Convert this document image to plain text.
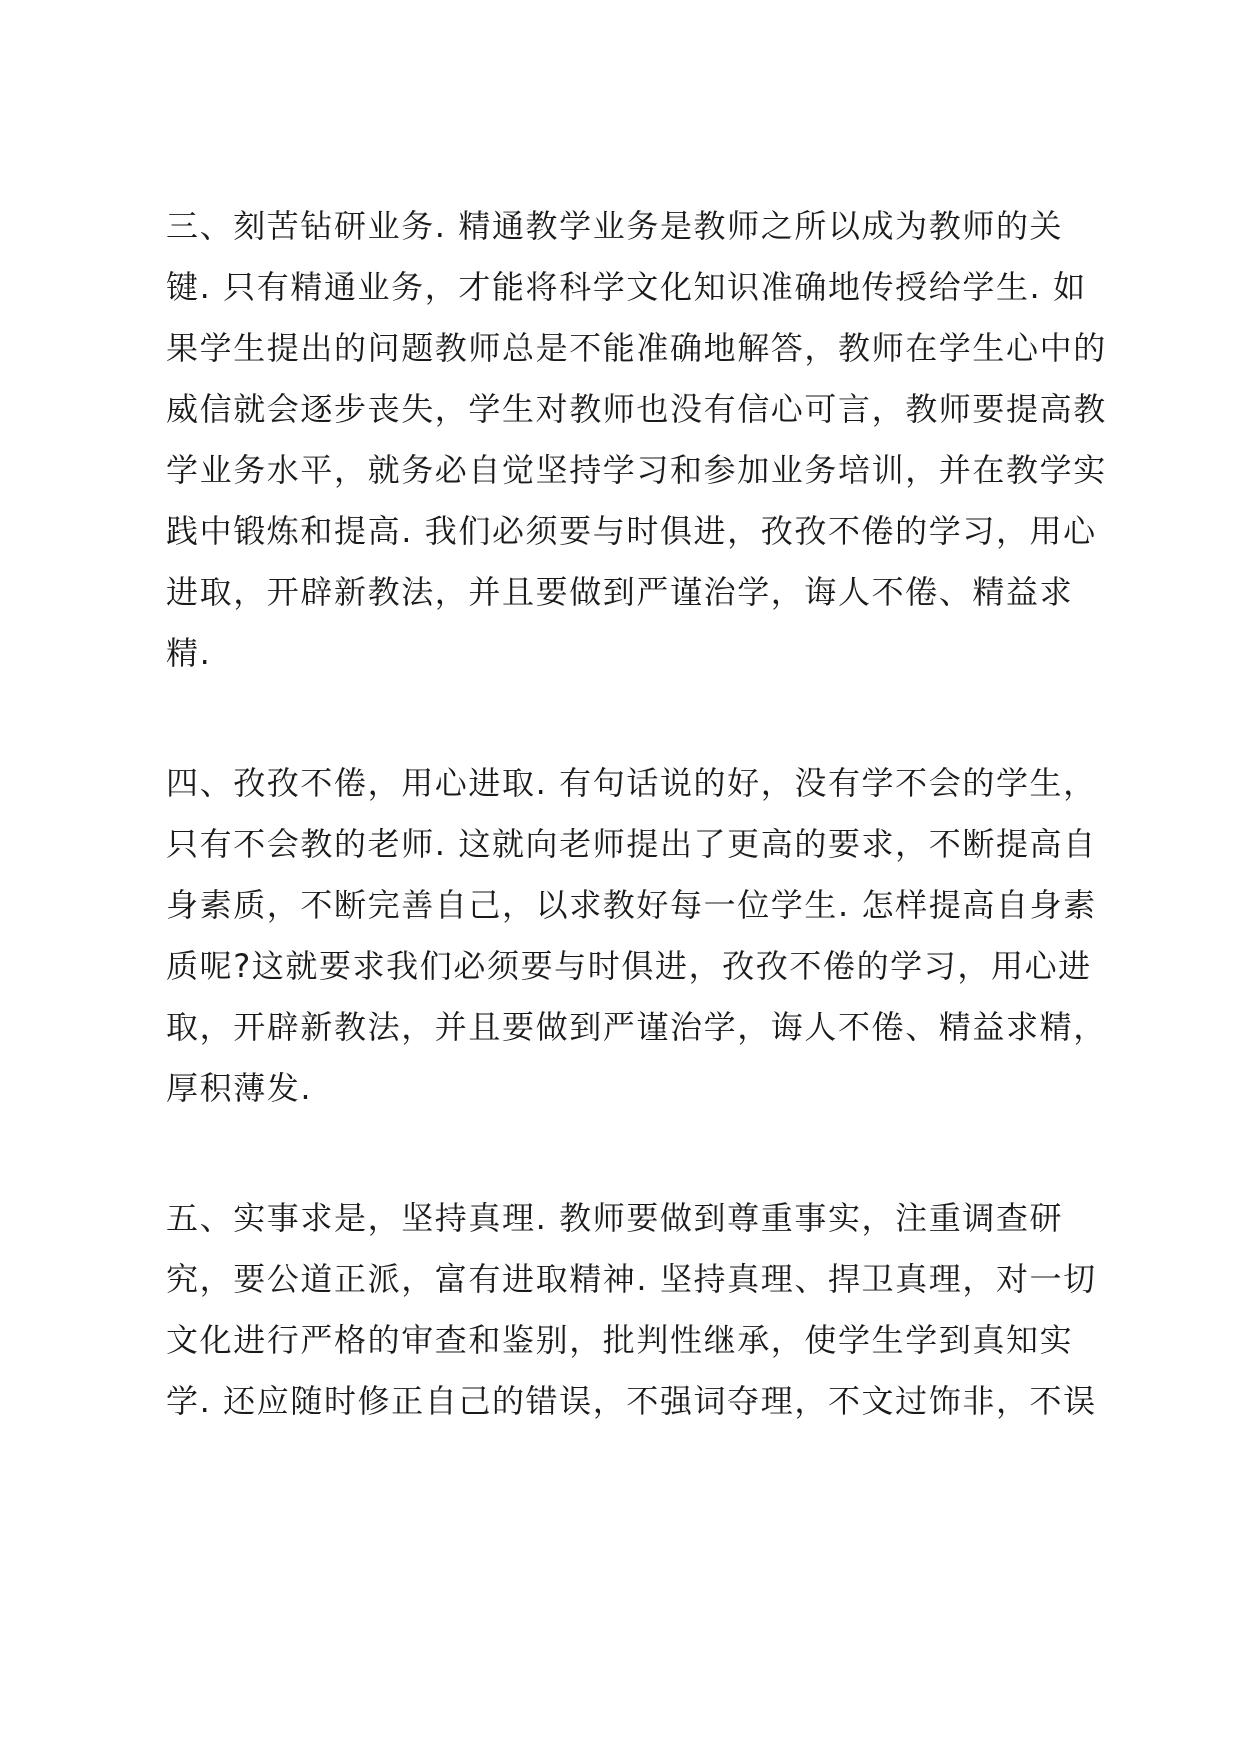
三、刻苦钻研业务. 精通教学业务是教师之所以成为教师的关

键. 只有精通业务，才能将科学文化知识准确地传授给学生. 如

果学生提出的问题教师总是不能准确地解答，教师在学生心中的

威信就会逐步丧失，学生对教师也没有信心可言，教师要提高教

学业务水平，就务必自觉坚持学习和参加业务培训，并在教学实

践中锻炼和提高. 我们必须要与时俱进，孜孜不倦的学习，用心

进取，开辟新教法，并且要做到严谨治学，诲人不倦、精益求

精.

四、孜孜不倦，用心进取. 有句话说的好，没有学不会的学生，

只有不会教的老师. 这就向老师提出了更高的要求，不断提高自

身素质，不断完善自己，以求教好每一位学生. 怎样提高自身素

质呢?这就要求我们必须要与时俱进，孜孜不倦的学习，用心进

取，开辟新教法，并且要做到严谨治学，诲人不倦、精益求精，

厚积薄发.

五、实事求是，坚持真理. 教师要做到尊重事实，注重调查研

究，要公道正派，富有进取精神. 坚持真理、捍卫真理，对一切

文化进行严格的审查和鉴别，批判性继承，使学生学到真知实

学. 还应随时修正自己的错误，不强词夺理，不文过饰非，不误
